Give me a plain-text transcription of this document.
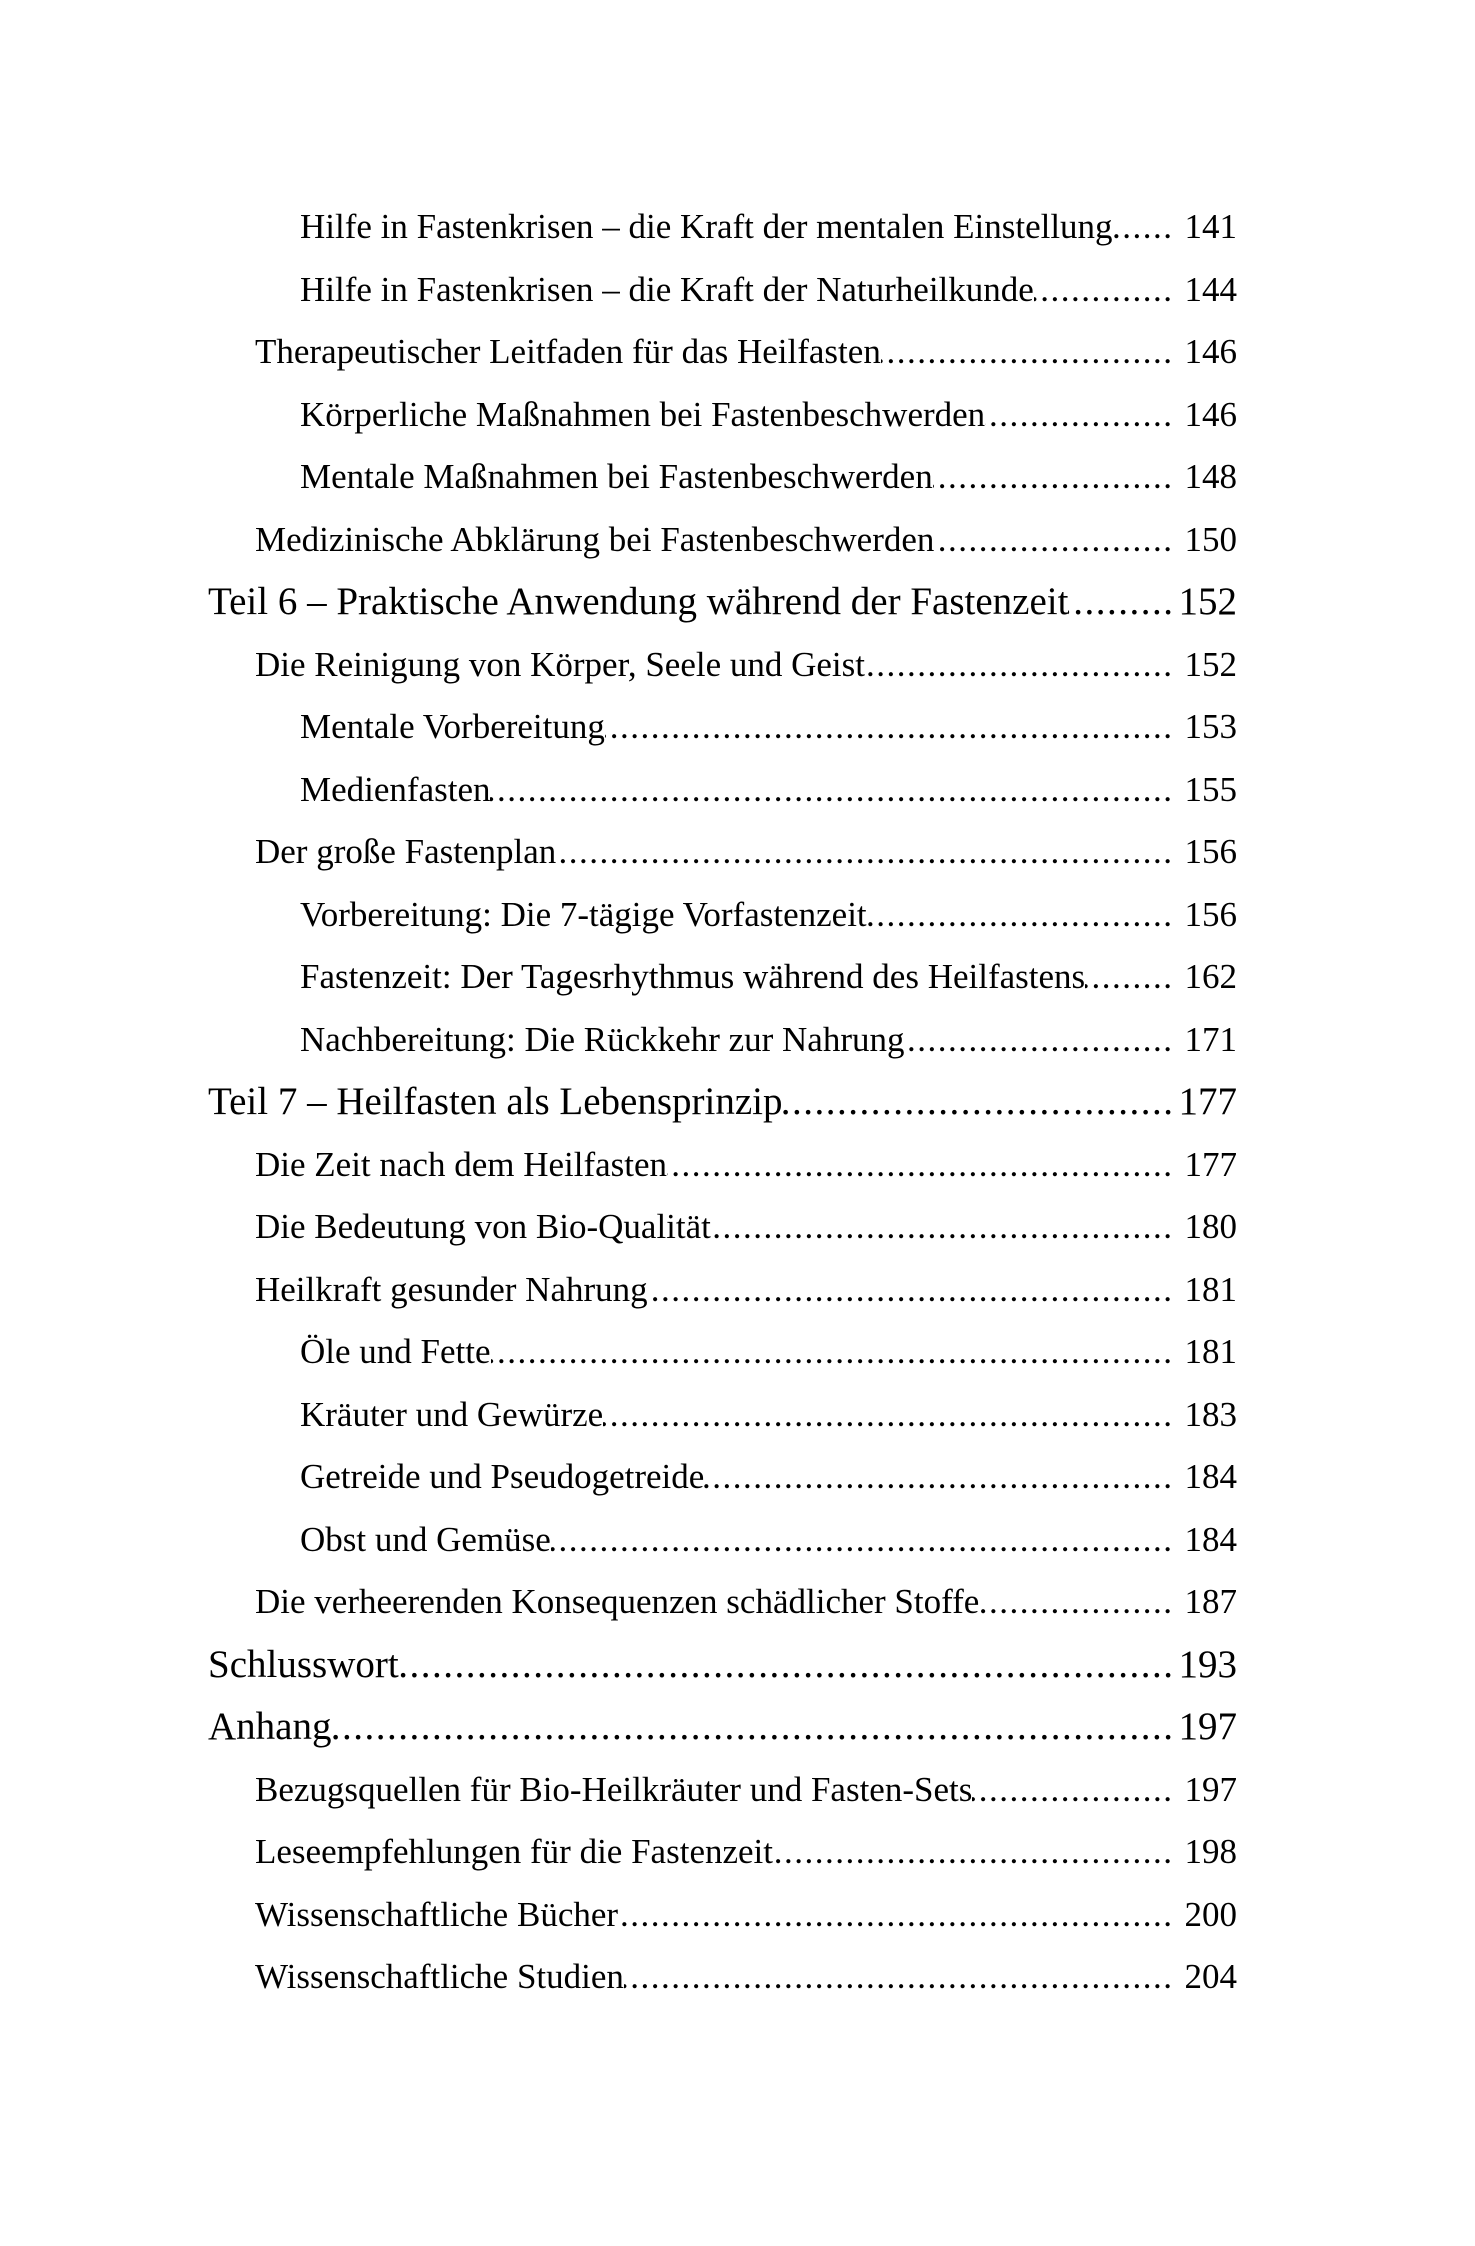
Hilfe in Fastenkrisen – die Kraft der mentalen Einstellung ..... 141
Hilfe in Fastenkrisen – die Kraft der Naturheilkunde .....	144
Therapeutischer Leitfaden für das Heilfasten .....	146
Körperliche Maßnahmen bei Fastenbeschwerden .....	146
Mentale Maßnahmen bei Fastenbeschwerden .....	148
Medizinische Abklärung bei Fastenbeschwerden .....	150
Teil 6 – Praktische Anwendung während der Fastenzeit .....	152
Die Reinigung von Körper, Seele und Geist .....	152
Mentale Vorbereitung .....	153
Medienfasten .....	155
Der große Fastenplan .....	156
Vorbereitung: Die 7-tägige Vorfastenzeit .....	156
Fastenzeit: Der Tagesrhythmus während des Heilfastens .....	162
Nachbereitung: Die Rückkehr zur Nahrung .....	171
Teil 7 – Heilfasten als Lebensprinzip .....	177
Die Zeit nach dem Heilfasten .....	177
Die Bedeutung von Bio-Qualität .....	180
Heilkraft gesunder Nahrung .....	181
Öle und Fette .....	181
Kräuter und Gewürze .....	183
Getreide und Pseudogetreide .....	184
Obst und Gemüse .....	184
Die verheerenden Konsequenzen schädlicher Stoffe .....	187
Schlusswort .....	193
Anhang .....	197
Bezugsquellen für Bio-Heilkräuter und Fasten-Sets .....	197
Leseempfehlungen für die Fastenzeit .....	198
Wissenschaftliche Bücher .....	200
Wissenschaftliche Studien .....	204
